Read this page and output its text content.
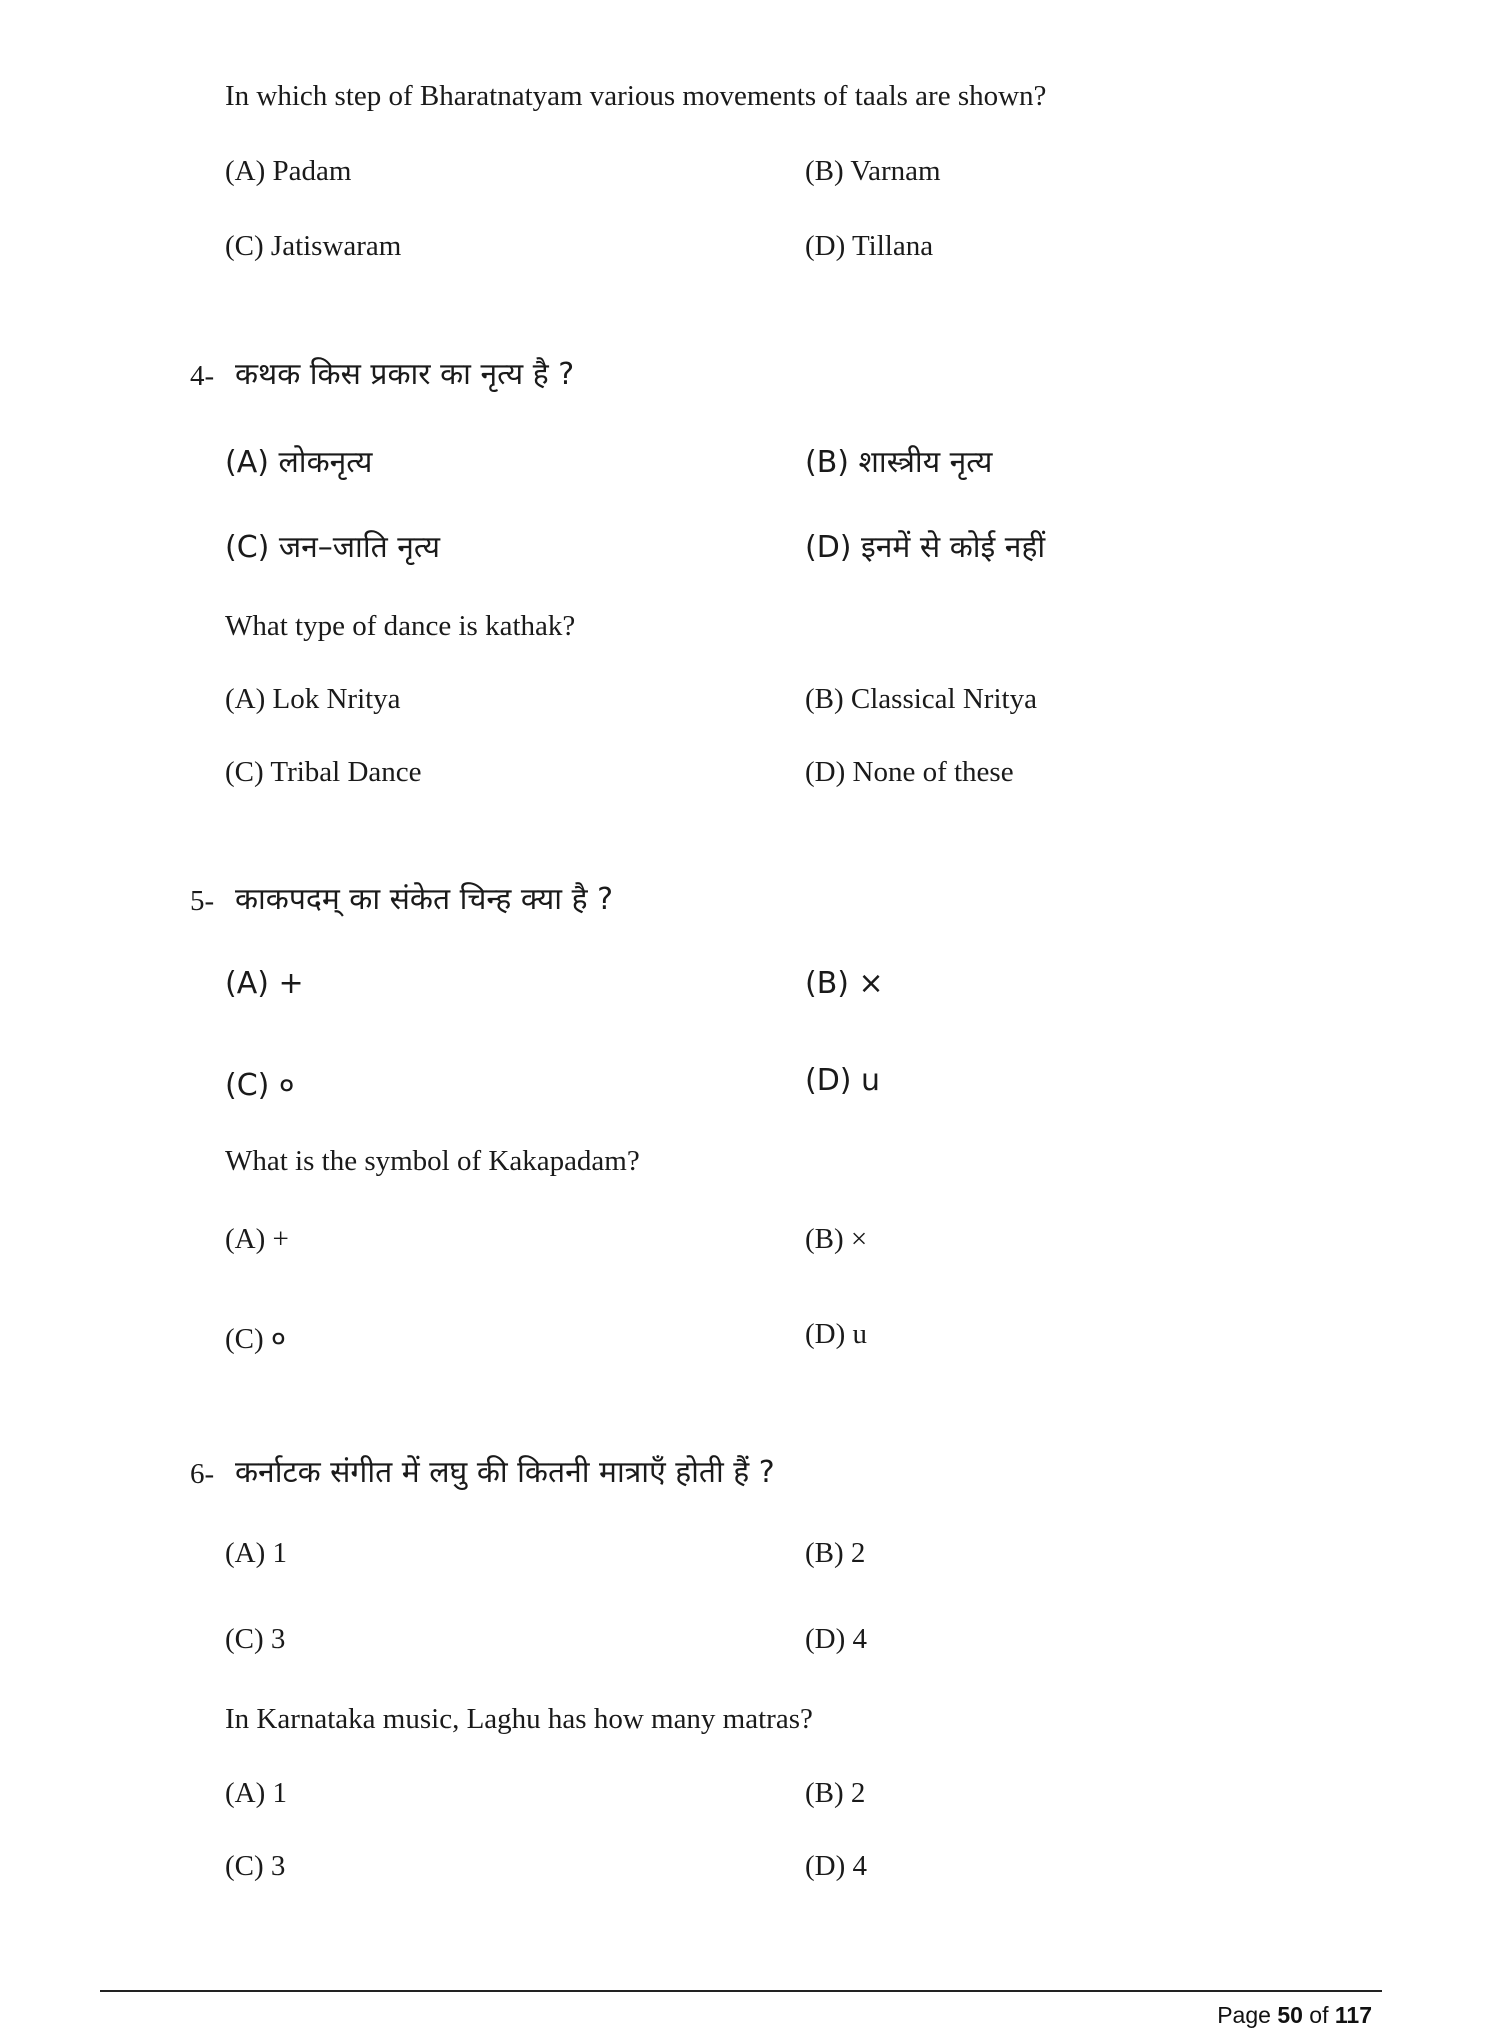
In which step of Bharatnatyam various movements of taals are shown?
(A) Padam	(B) Varnam
(C) Jatiswaram	(D) Tillana
4- कथक किस प्रकार का नृत्य है ?
(A) लोकनृत्य	(B) शास्त्रीय नृत्य
(C) जन–जाति नृत्य	(D) इनमें से कोई नहीं
What type of dance is kathak?
(A) Lok Nritya	(B) Classical Nritya
(C) Tribal Dance	(D) None of these
5- काकपदम् का संकेत चिन्ह क्या है ?
(A) +	(B) ×
(C) ०	(D) u
What is the symbol of Kakapadam?
(A) +	(B) ×
(C) ०	(D) u
6- कर्नाटक संगीत में लघु की कितनी मात्राएँ होती हैं ?
(A) 1	(B) 2
(C) 3	(D) 4
In Karnataka music, Laghu has how many matras?
(A) 1	(B) 2
(C) 3	(D) 4
Page 50 of 117
